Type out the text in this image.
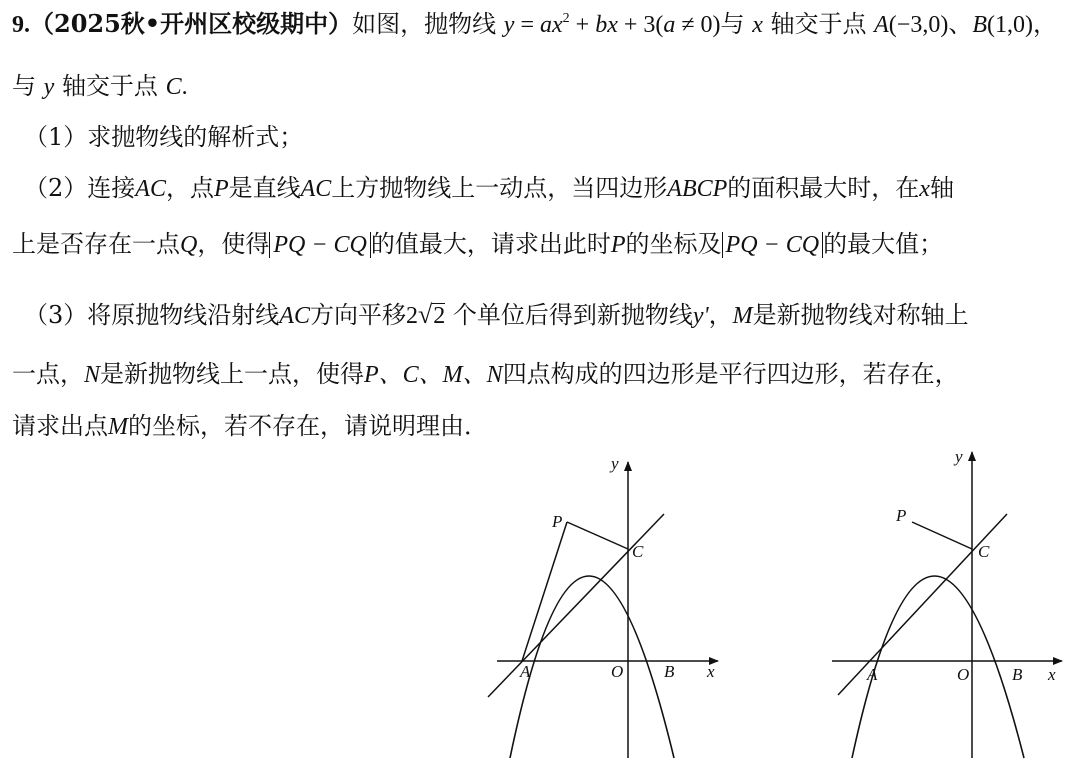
9.（2025秋•开州区校级期中）如图，抛物线 $y = ax^2$ + bx + 3(a ≠ 0)与 x 轴交于点 A(−3,0)、B(1,0)，
与 y 轴交于点 C.
（1）求抛物线的解析式；
（2）连接AC，点P是直线AC上方抛物线上一动点，当四边形ABCP的面积最大时，在x轴
上是否存在一点Q，使得 PQ − CQ 的值最大，请求出此时P的坐标及 PQ − CQ 的最大值；
（3）将原抛物线沿射线AC方向平移2√2 个单位后得到新抛物线y'，M是新抛物线对称轴上
一点，N是新抛物线上一点，使得P、C、M、N四点构成的四边形是平行四边形，若存在，
请求出点M的坐标，若不存在，请说明理由．
y
x
O
A	B
C
P
y
x
O
A	B
C
P
